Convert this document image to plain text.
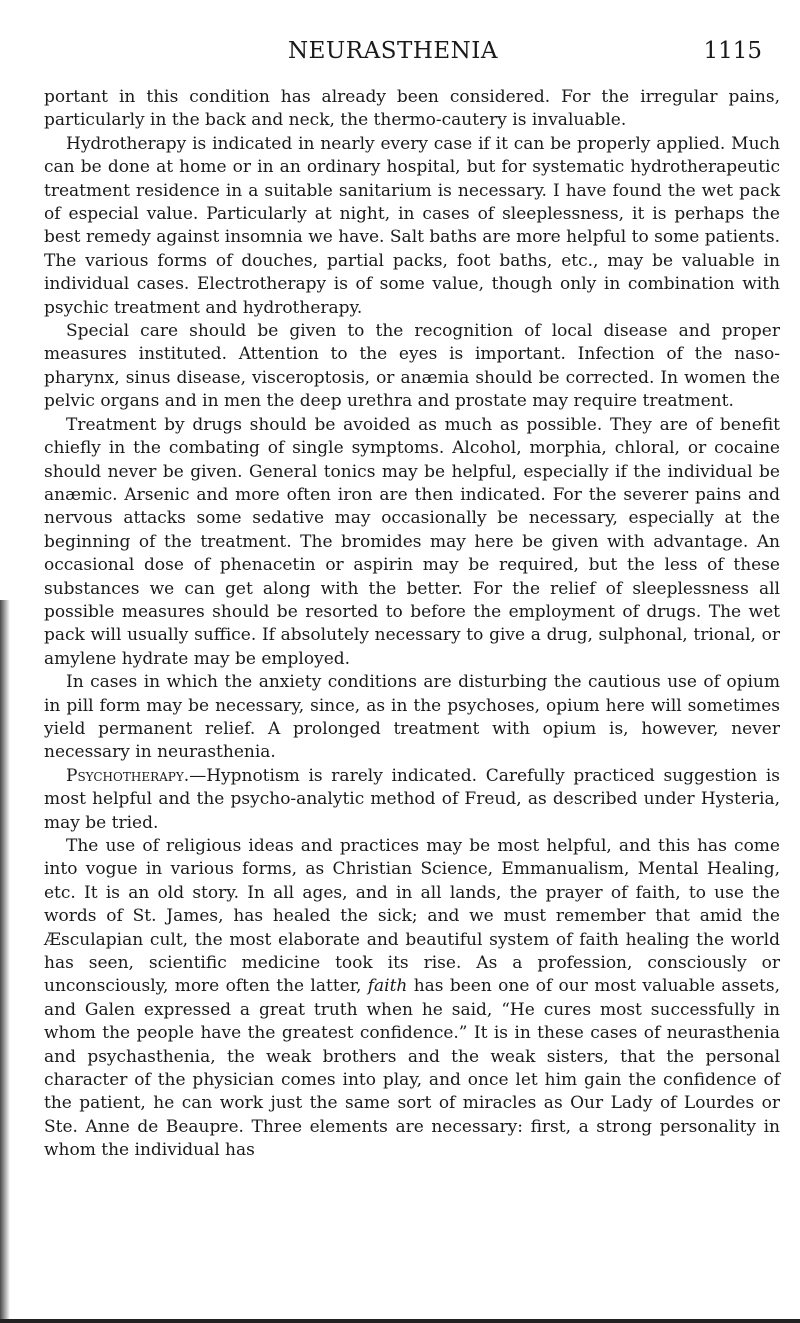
NEURASTHENIA	1115

portant in this condition has already been considered. For the irregular pains, particularly in the back and neck, the thermo-cautery is invaluable.

Hydrotherapy is indicated in nearly every case if it can be properly applied. Much can be done at home or in an ordinary hospital, but for systematic hydrotherapeutic treatment residence in a suitable sanitarium is necessary. I have found the wet pack of especial value. Particularly at night, in cases of sleeplessness, it is perhaps the best remedy against insomnia we have. Salt baths are more helpful to some patients. The various forms of douches, partial packs, foot baths, etc., may be valuable in individual cases. Electrotherapy is of some value, though only in combination with psychic treatment and hydrotherapy.

Special care should be given to the recognition of local disease and proper measures instituted. Attention to the eyes is important. Infection of the naso-pharynx, sinus disease, visceroptosis, or anæmia should be corrected. In women the pelvic organs and in men the deep urethra and prostate may require treatment.

Treatment by drugs should be avoided as much as possible. They are of benefit chiefly in the combating of single symptoms. Alcohol, morphia, chloral, or cocaine should never be given. General tonics may be helpful, especially if the individual be anæmic. Arsenic and more often iron are then indicated. For the severer pains and nervous attacks some sedative may occasionally be necessary, especially at the beginning of the treatment. The bromides may here be given with advantage. An occasional dose of phenacetin or aspirin may be required, but the less of these substances we can get along with the better. For the relief of sleeplessness all possible measures should be resorted to before the employment of drugs. The wet pack will usually suffice. If absolutely necessary to give a drug, sulphonal, trional, or amylene hydrate may be employed.

In cases in which the anxiety conditions are disturbing the cautious use of opium in pill form may be necessary, since, as in the psychoses, opium here will sometimes yield permanent relief. A prolonged treatment with opium is, however, never necessary in neurasthenia.

Psychotherapy.—Hypnotism is rarely indicated. Carefully practiced suggestion is most helpful and the psycho-analytic method of Freud, as described under Hysteria, may be tried.

The use of religious ideas and practices may be most helpful, and this has come into vogue in various forms, as Christian Science, Emmanualism, Mental Healing, etc. It is an old story. In all ages, and in all lands, the prayer of faith, to use the words of St. James, has healed the sick; and we must remember that amid the Æsculapian cult, the most elaborate and beautiful system of faith healing the world has seen, scientific medicine took its rise. As a profession, consciously or unconsciously, more often the latter, faith has been one of our most valuable assets, and Galen expressed a great truth when he said, “He cures most successfully in whom the people have the greatest confidence.” It is in these cases of neurasthenia and psychasthenia, the weak brothers and the weak sisters, that the personal character of the physician comes into play, and once let him gain the confidence of the patient, he can work just the same sort of miracles as Our Lady of Lourdes or Ste. Anne de Beaupre. Three elements are necessary: first, a strong personality in whom the individual has
